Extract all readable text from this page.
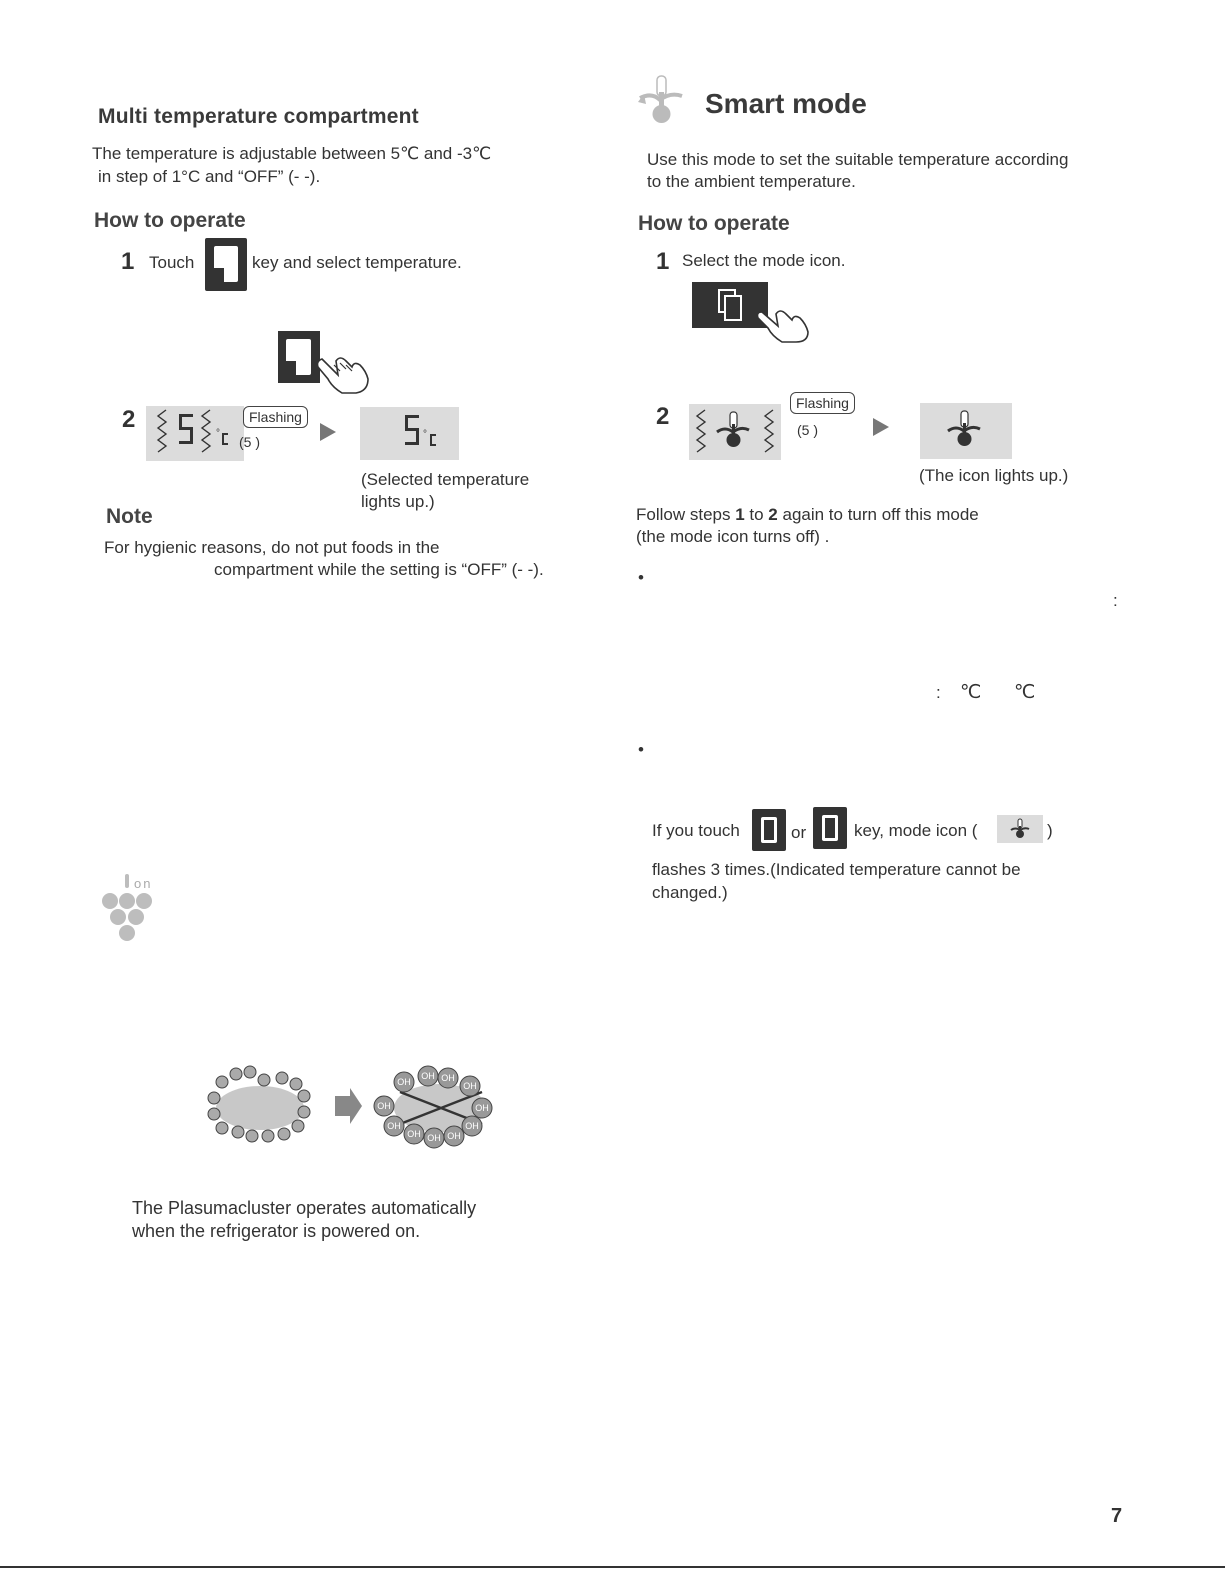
Multi temperature compartment
The temperature is adjustable between 5℃ and -3℃
in step of 1°C and “OFF” (- -).
How to operate
1 Touch	key and select temperature.
2
°
Flashing
(5 )	°
(Selected temperature
lights up.)
Note
For hygienic reasons, do not put foods in the
compartment while the setting is “OFF” (- -).
on
OH
OH OH
OH
OH
OH
OH
OH
OH
OH
OH
The Plasumacluster operates automatically
when the refrigerator is powered on.
Smart mode
Use this mode to set the suitable temperature according
to the ambient temperature.
How to operate
1 Select the mode icon.
2	Flashing
(5 )
(The icon lights up.)
Follow steps 1 to 2 again to turn off this mode
(the mode icon turns off) .
•
:
: ℃ ℃
•
If you touch	or	key, mode icon (	)
flashes 3 times.(Indicated temperature cannot be
changed.)
7
